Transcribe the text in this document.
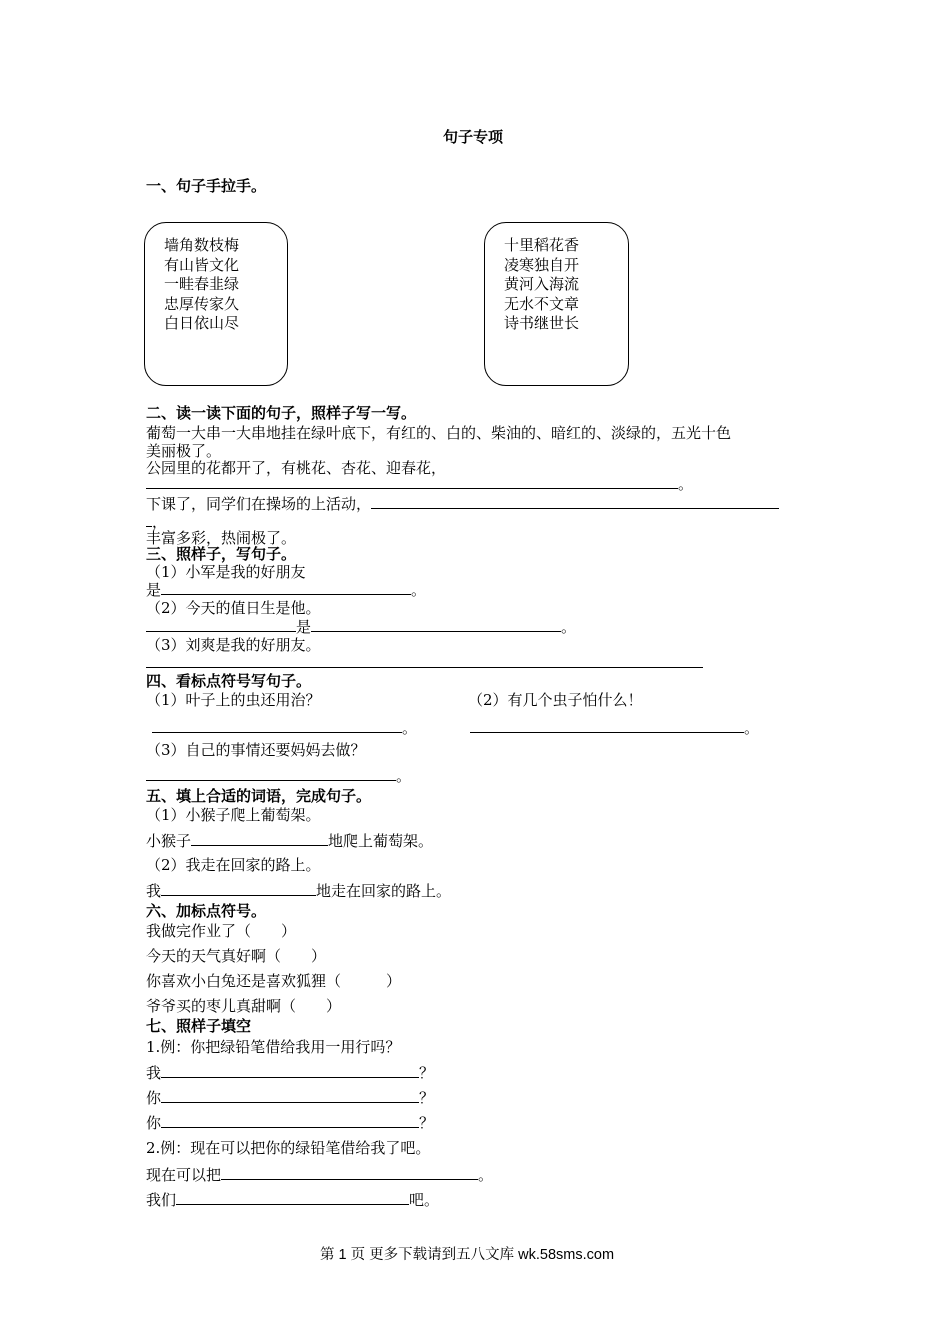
句子专项
一、句子手拉手。
墙角数枝梅
有山皆文化
一畦春韭绿
忠厚传家久
白日依山尽
十里稻花香
凌寒独自开
黄河入海流
无水不文章
诗书继世长
二、读一读下面的句子，照样子写一写。
葡萄一大串一大串地挂在绿叶底下，有红的、白的、柴油的、暗红的、淡绿的，五光十色
美丽极了。
公园里的花都开了，有桃花、杏花、迎春花，
。
下课了，同学们在操场的上活动，
，
丰富多彩，热闹极了。
三、照样子，写句子。
（1）小军是我的好朋友
是	。
（2）今天的值日生是他。
是	。
（3）刘爽是我的好朋友。
四、看标点符号写句子。
（1）叶子上的虫还用治？	（2）有几个虫子怕什么！
。	。
（3）自己的事情还要妈妈去做？
。
五、填上合适的词语，完成句子。
（1）小猴子爬上葡萄架。
小猴子	地爬上葡萄架。
（2）我走在回家的路上。
我	地走在回家的路上。
六、加标点符号。
我做完作业了（　　）
今天的天气真好啊（　　）
你喜欢小白兔还是喜欢狐狸（　　　）
爷爷买的枣儿真甜啊（　　）
七、照样子填空
1.例：你把绿铅笔借给我用一用行吗？
我	？
你	？
你	？
2.例：现在可以把你的绿铅笔借给我了吧。
现在可以把	。
我们	吧。
第 1 页 更多下载请到五八文库 wk.58sms.com
